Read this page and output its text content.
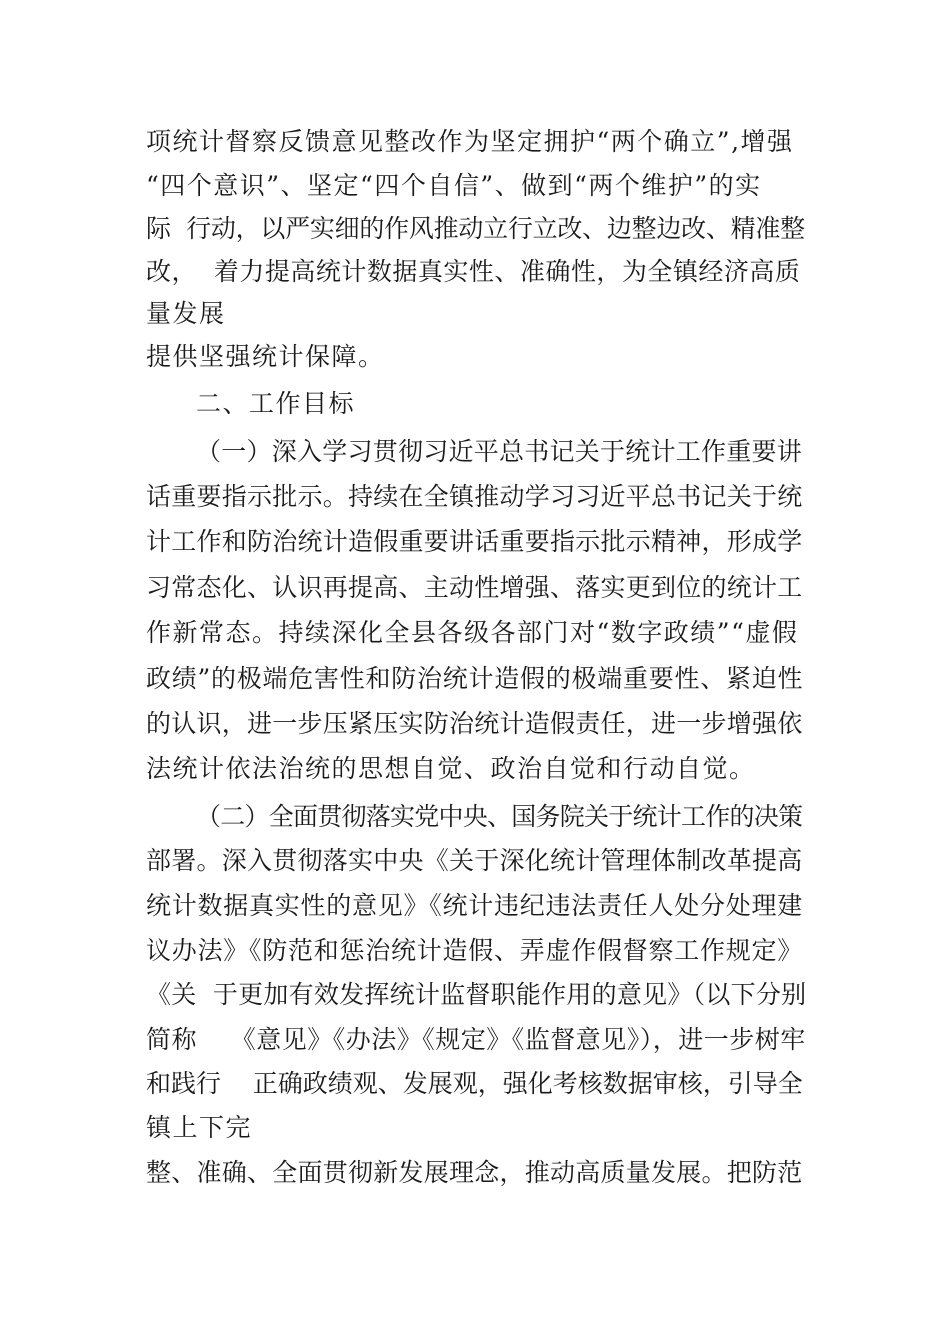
项统计督察反馈意见整改作为坚定拥护“两个确立”,增强
“四个意识”、坚定“四个自信”、做到“两个维护”的实
际  行动，以严实细的作风推动立行立改、边整边改、精准整
改，  着力提高统计数据真实性、准确性，为全镇经济高质
量发展
提供坚强统计保障。
二、工作目标
（一）深入学习贯彻习近平总书记关于统计工作重要讲
话重要指示批示。持续在全镇推动学习习近平总书记关于统
计工作和防治统计造假重要讲话重要指示批示精神，形成学
习常态化、认识再提高、主动性增强、落实更到位的统计工
作新常态。持续深化全县各级各部门对“数字政绩”“虚假
政绩”的极端危害性和防治统计造假的极端重要性、紧迫性
的认识，进一步压紧压实防治统计造假责任，进一步增强依
法统计依法治统的思想自觉、政治自觉和行动自觉。
（二）全面贯彻落实党中央、国务院关于统计工作的决策
部署。深入贯彻落实中央《关于深化统计管理体制改革提高
统计数据真实性的意见》《统计违纪违法责任人处分处理建
议办法》《防范和惩治统计造假、弄虚作假督察工作规定》
《关  于更加有效发挥统计监督职能作用的意见》（以下分别
简称    《意见》《办法》《规定》《监督意见》），进一步树牢
和践行    正确政绩观、发展观，强化考核数据审核，引导全
镇上下完
整、准确、全面贯彻新发展理念，推动高质量发展。把防范
